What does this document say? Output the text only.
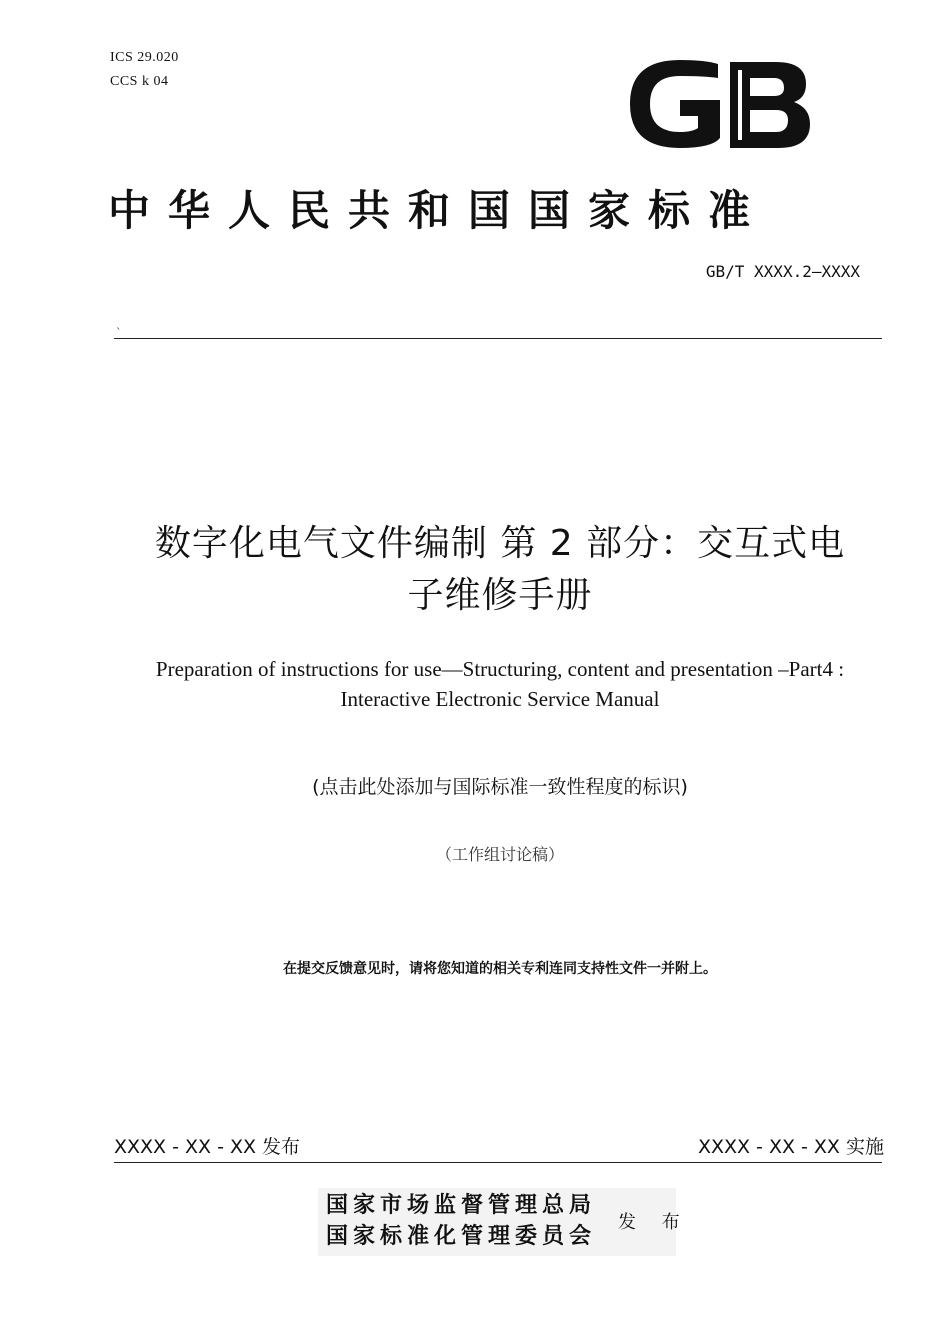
ICS 29.020
CCS k 04
中华人民共和国国家标准
GB/T XXXX.2—XXXX
`
数字化电气文件编制 第 2 部分：交互式电
子维修手册
Preparation of instructions for use—Structuring, content and presentation –Part4 :
Interactive Electronic Service Manual
(点击此处添加与国际标准一致性程度的标识)
（工作组讨论稿）
在提交反馈意见时，请将您知道的相关专利连同支持性文件一并附上。
XXXX - XX - XX 发布	XXXX - XX - XX 实施
国家市场监督管理总局
国家标准化管理委员会
发 布
